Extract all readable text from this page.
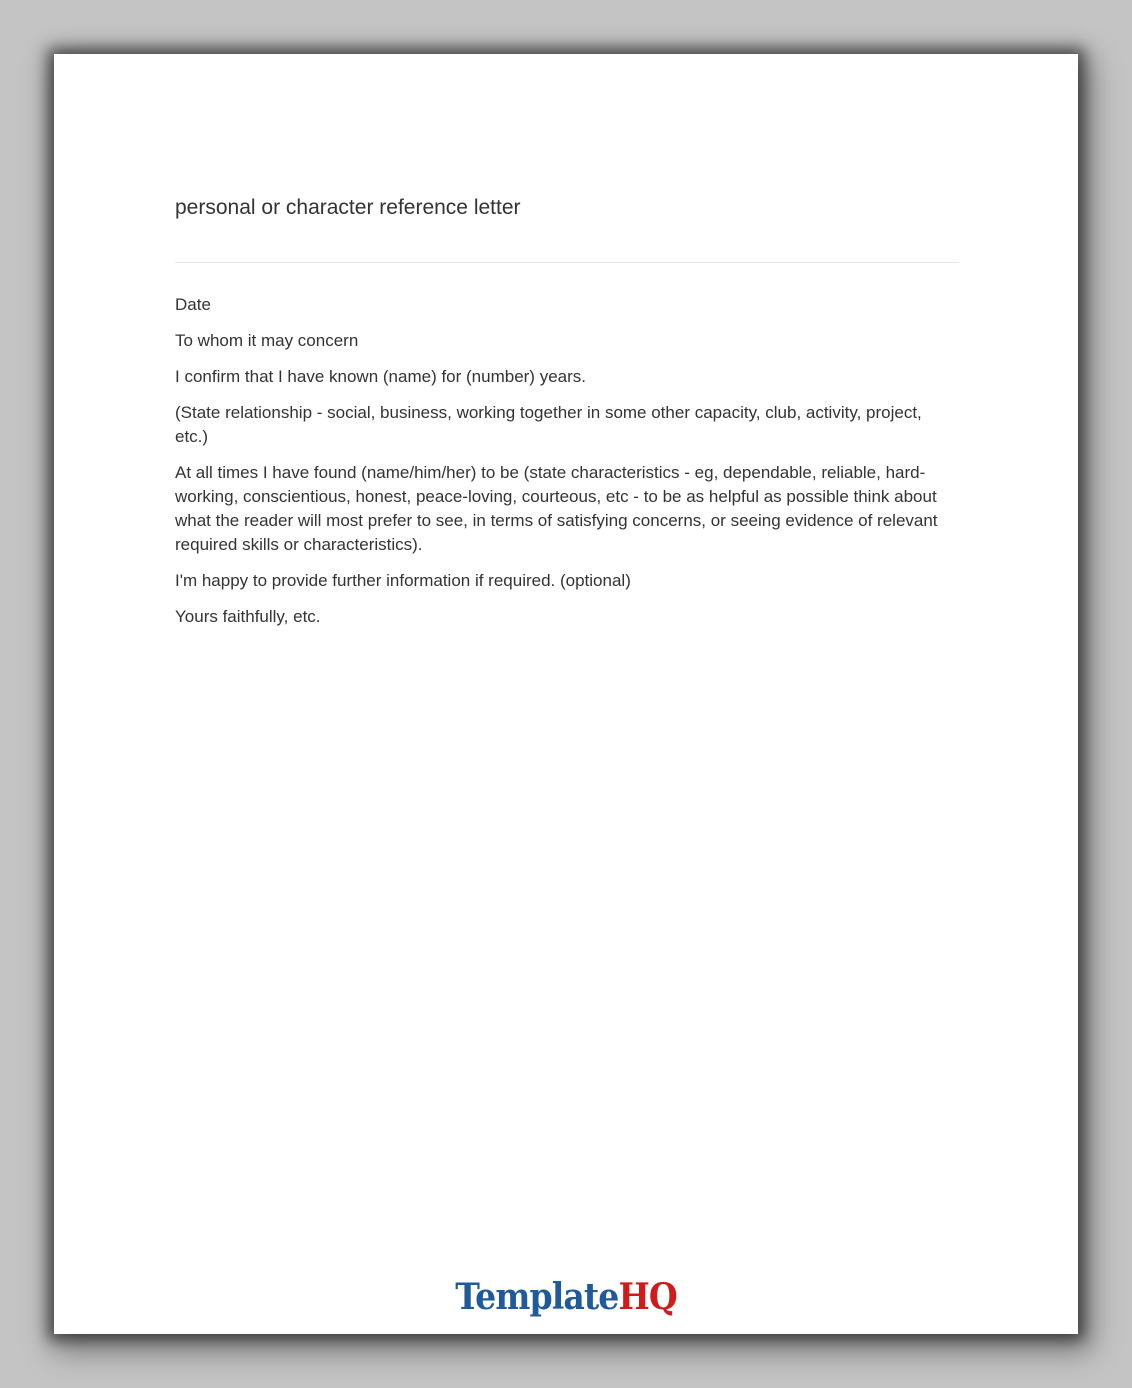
personal or character reference letter

Date

To whom it may concern

I confirm that I have known (name) for (number) years.

(State relationship - social, business, working together in some other capacity, club, activity, project, etc.)

At all times I have found (name/him/her) to be (state characteristics - eg, dependable, reliable, hard-working, conscientious, honest, peace-loving, courteous, etc - to be as helpful as possible think about what the reader will most prefer to see, in terms of satisfying concerns, or seeing evidence of relevant required skills or characteristics).

I'm happy to provide further information if required. (optional)

Yours faithfully, etc.

TemplateHQ
